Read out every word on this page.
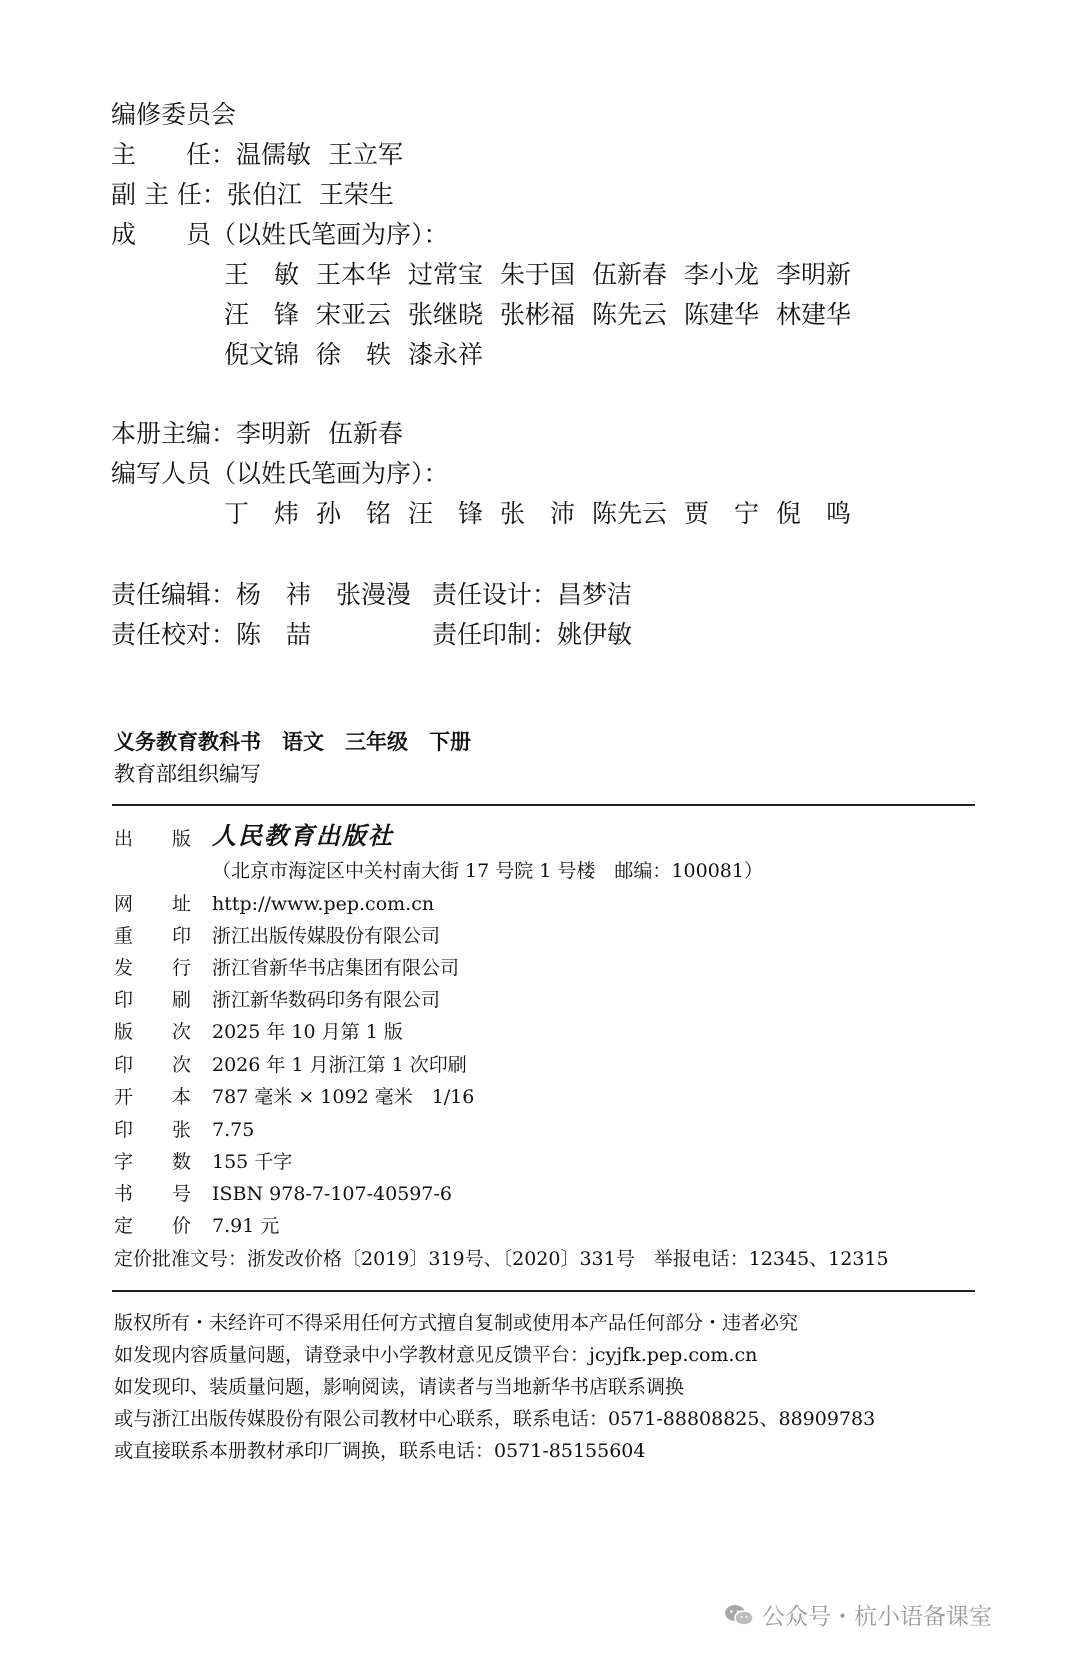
编修委员会
主　　任：温儒敏 王立军
副 主 任：张伯江 王荣生
成　　员（以姓氏笔画为序）：
王　敏 王本华 过常宝 朱于国 伍新春 李小龙 李明新
汪　锋 宋亚云 张继晓 张彬福 陈先云 陈建华 林建华
倪文锦 徐　轶 漆永祥
本册主编：李明新 伍新春
编写人员（以姓氏笔画为序）：
丁　炜 孙　铭 汪　锋 张　沛 陈先云 贾　宁 倪　鸣
责任编辑：杨　祎　张漫漫 责任设计：昌梦洁
责任校对：陈　喆	责任印制：姚伊敏
义务教育教科书　语文　三年级　下册
教育部组织编写
出 版 人民教育出版社
（北京市海淀区中关村南大街 17 号院 1 号楼　邮编：100081）
网 址 http://www.pep.com.cn
重 印 浙江出版传媒股份有限公司
发 行 浙江省新华书店集团有限公司
印 刷 浙江新华数码印务有限公司
版 次 2025 年 10 月第 1 版
印 次 2026 年 1 月浙江第 1 次印刷
开 本 787 毫米 × 1092 毫米　1/16
印 张 7.75
字 数 155 千字
书 号 ISBN 978-7-107-40597-6
定 价 7.91 元
定价批准文号：浙发改价格〔2019〕319号、〔2020〕331号　举报电话：12345、12315
版权所有・未经许可不得采用任何方式擅自复制或使用本产品任何部分・违者必究
如发现内容质量问题，请登录中小学教材意见反馈平台：jcyjfk.pep.com.cn
如发现印、装质量问题，影响阅读，请读者与当地新华书店联系调换
或与浙江出版传媒股份有限公司教材中心联系，联系电话：0571-88808825、88909783
或直接联系本册教材承印厂调换，联系电话：0571-85155604
公众号・杭小语备课室
